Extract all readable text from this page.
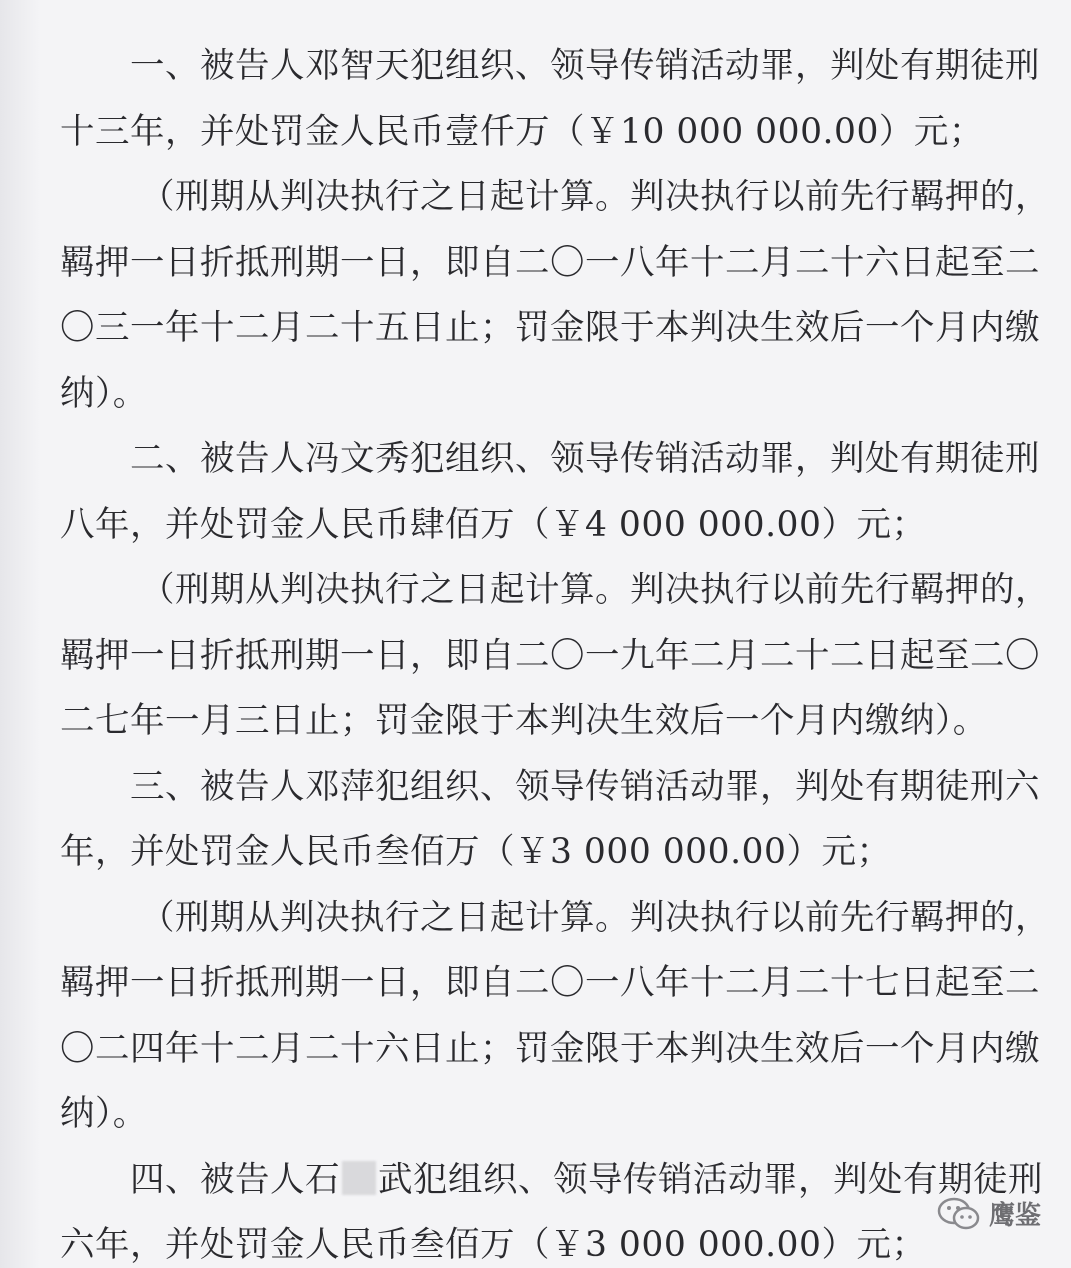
一、被告人邓智天犯组织、领导传销活动罪，判处有期徒刑
十三年，并处罚金人民币壹仟万（￥10 000 000.00）元；
（刑期从判决执行之日起计算。判决执行以前先行羁押的，
羁押一日折抵刑期一日，即自二〇一八年十二月二十六日起至二
〇三一年十二月二十五日止；罚金限于本判决生效后一个月内缴
纳）。
二、被告人冯文秀犯组织、领导传销活动罪，判处有期徒刑
八年，并处罚金人民币肆佰万（￥4 000 000.00）元；
（刑期从判决执行之日起计算。判决执行以前先行羁押的，
羁押一日折抵刑期一日，即自二〇一九年二月二十二日起至二〇
二七年一月三日止；罚金限于本判决生效后一个月内缴纳）。
三、被告人邓萍犯组织、领导传销活动罪，判处有期徒刑六
年，并处罚金人民币叁佰万（￥3 000 000.00）元；
（刑期从判决执行之日起计算。判决执行以前先行羁押的，
羁押一日折抵刑期一日，即自二〇一八年十二月二十七日起至二
〇二四年十二月二十六日止；罚金限于本判决生效后一个月内缴
纳）。
四、被告人石 武犯组织、领导传销活动罪，判处有期徒刑
六年，并处罚金人民币叁佰万（￥3 000 000.00）元；
鹰鉴
